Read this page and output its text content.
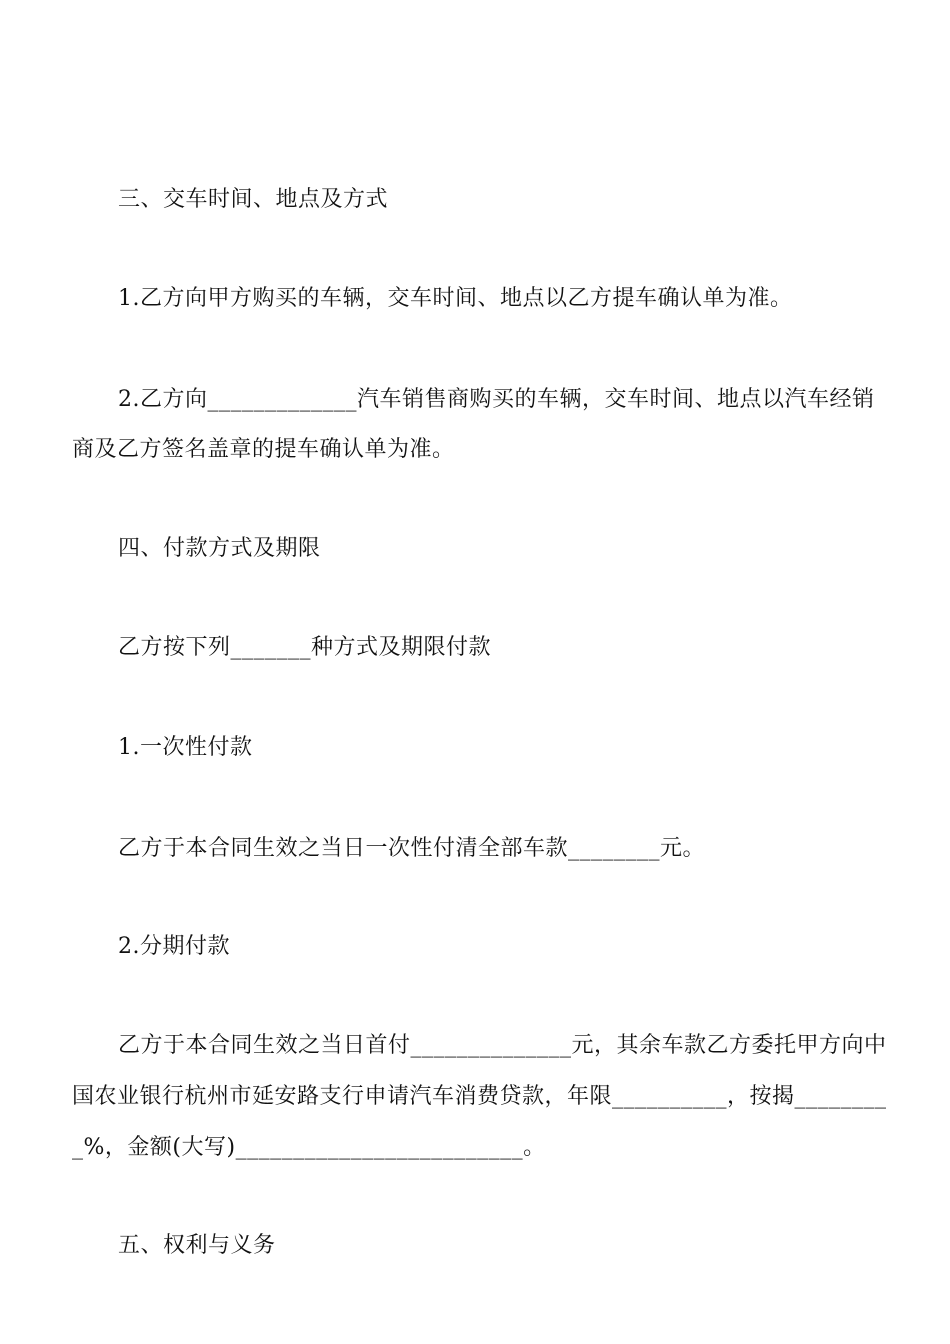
三、交车时间、地点及方式
1.乙方向甲方购买的车辆，交车时间、地点以乙方提车确认单为准。
2.乙方向_____________汽车销售商购买的车辆，交车时间、地点以汽车经销
商及乙方签名盖章的提车确认单为准。
四、付款方式及期限
乙方按下列_______种方式及期限付款
1.一次性付款
乙方于本合同生效之当日一次性付清全部车款________元。
2.分期付款
乙方于本合同生效之当日首付______________元，其余车款乙方委托甲方向中
国农业银行杭州市延安路支行申请汽车消费贷款，年限__________，按揭________
_%，金额(大写)_________________________。
五、权利与义务
